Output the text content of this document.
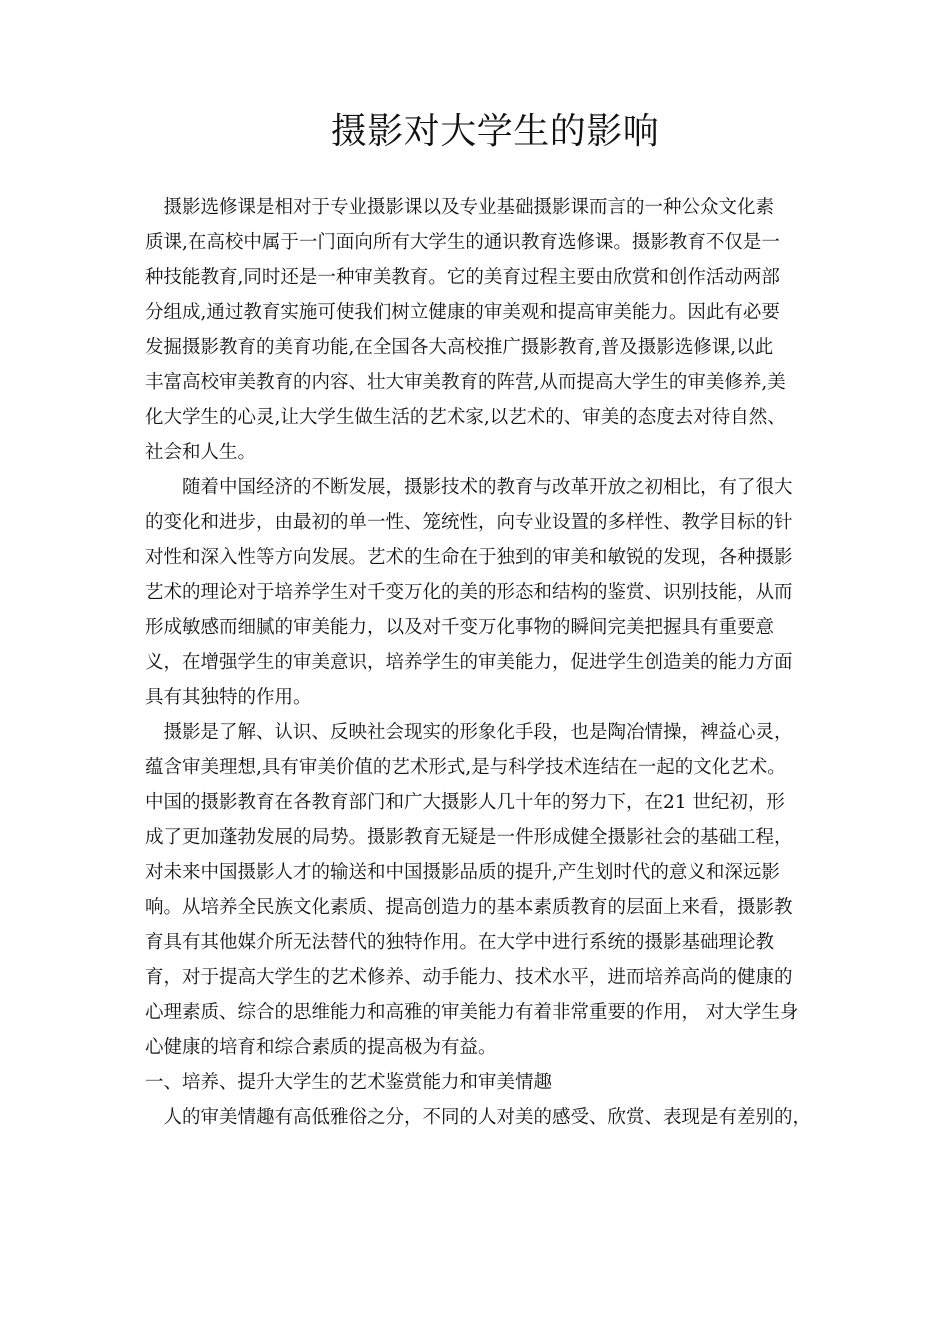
摄影对大学生的影响
　摄影选修课是相对于专业摄影课以及专业基础摄影课而言的一种公众文化素
质课,在高校中属于一门面向所有大学生的通识教育选修课。摄影教育不仅是一
种技能教育,同时还是一种审美教育。它的美育过程主要由欣赏和创作活动两部
分组成,通过教育实施可使我们树立健康的审美观和提高审美能力。因此有必要
发掘摄影教育的美育功能,在全国各大高校推广摄影教育,普及摄影选修课,以此
丰富高校审美教育的内容、壮大审美教育的阵营,从而提高大学生的审美修养,美
化大学生的心灵,让大学生做生活的艺术家,以艺术的、审美的态度去对待自然、
社会和人生。
　　随着中国经济的不断发展，摄影技术的教育与改革开放之初相比，有了很大
的变化和进步，由最初的单一性、笼统性，向专业设置的多样性、教学目标的针
对性和深入性等方向发展。艺术的生命在于独到的审美和敏锐的发现，各种摄影
艺术的理论对于培养学生对千变万化的美的形态和结构的鉴赏、识别技能，从而
形成敏感而细腻的审美能力，以及对千变万化事物的瞬间完美把握具有重要意
义，在增强学生的审美意识，培养学生的审美能力，促进学生创造美的能力方面
具有其独特的作用。
　摄影是了解、认识、反映社会现实的形象化手段，也是陶冶情操，裨益心灵，
蕴含审美理想,具有审美价值的艺术形式,是与科学技术连结在一起的文化艺术。
中国的摄影教育在各教育部门和广大摄影人几十年的努力下，在21 世纪初，形
成了更加蓬勃发展的局势。摄影教育无疑是一件形成健全摄影社会的基础工程，
对未来中国摄影人才的输送和中国摄影品质的提升,产生划时代的意义和深远影
响。从培养全民族文化素质、提高创造力的基本素质教育的层面上来看，摄影教
育具有其他媒介所无法替代的独特作用。在大学中进行系统的摄影基础理论教
育，对于提高大学生的艺术修养、动手能力、技术水平，进而培养高尚的健康的
心理素质、综合的思维能力和高雅的审美能力有着非常重要的作用， 对大学生身
心健康的培育和综合素质的提高极为有益。
一、培养、提升大学生的艺术鉴赏能力和审美情趣
　人的审美情趣有高低雅俗之分，不同的人对美的感受、欣赏、表现是有差别的，
